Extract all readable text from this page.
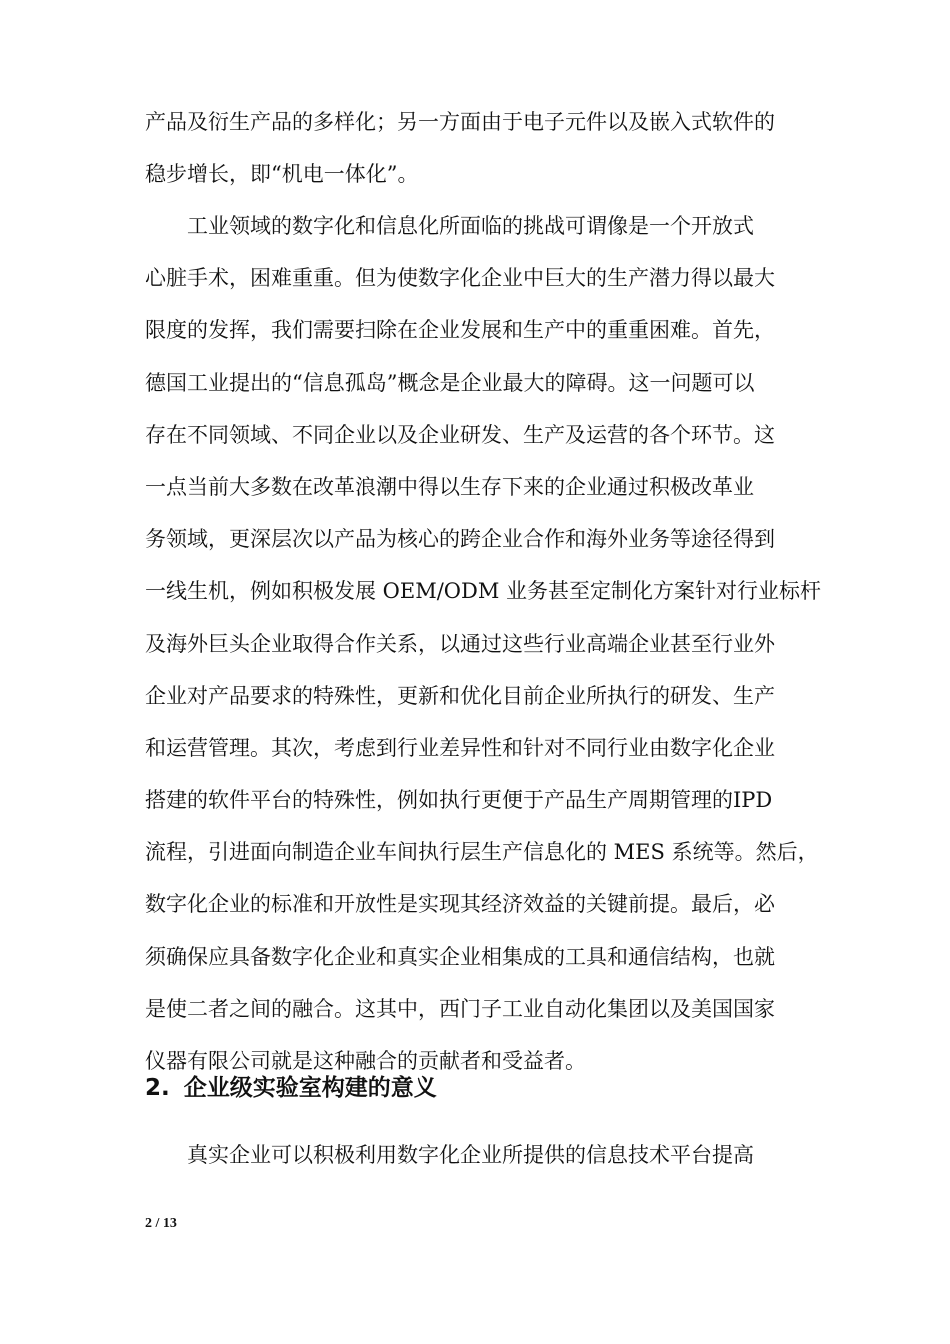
产品及衍生产品的多样化；另一方面由于电子元件以及嵌入式软件的
稳步增长，即“机电一体化”。
工业领域的数字化和信息化所面临的挑战可谓像是一个开放式
心脏手术，困难重重。但为使数字化企业中巨大的生产潜力得以最大
限度的发挥，我们需要扫除在企业发展和生产中的重重困难。首先，
德国工业提出的“信息孤岛”概念是企业最大的障碍。这一问题可以
存在不同领域、不同企业以及企业研发、生产及运营的各个环节。这
一点当前大多数在改革浪潮中得以生存下来的企业通过积极改革业
务领域，更深层次以产品为核心的跨企业合作和海外业务等途径得到
一线生机，例如积极发展 OEM/ODM 业务甚至定制化方案针对行业标杆
及海外巨头企业取得合作关系，以通过这些行业高端企业甚至行业外
企业对产品要求的特殊性，更新和优化目前企业所执行的研发、生产
和运营管理。其次，考虑到行业差异性和针对不同行业由数字化企业
搭建的软件平台的特殊性，例如执行更便于产品生产周期管理的IPD
流程，引进面向制造企业车间执行层生产信息化的 MES 系统等。然后，
数字化企业的标准和开放性是实现其经济效益的关键前提。最后，必
须确保应具备数字化企业和真实企业相集成的工具和通信结构，也就
是使二者之间的融合。这其中，西门子工业自动化集团以及美国国家
仪器有限公司就是这种融合的贡献者和受益者。
2. 企业级实验室构建的意义
真实企业可以积极利用数字化企业所提供的信息技术平台提高
2 / 13
